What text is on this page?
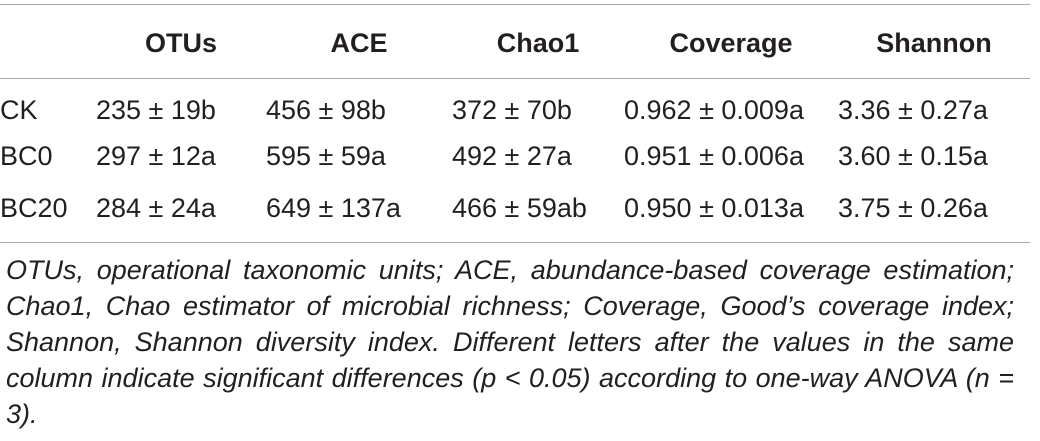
	OTUs	ACE	Chao1	Coverage	Shannon
CK	235 ± 19b	456 ± 98b	372 ± 70b	0.962 ± 0.009a	3.36 ± 0.27a
BC0	297 ± 12a	595 ± 59a	492 ± 27a	0.951 ± 0.006a	3.60 ± 0.15a
BC20	284 ± 24a	649 ± 137a	466 ± 59ab	0.950 ± 0.013a	3.75 ± 0.26a
OTUs, operational taxonomic units; ACE, abundance-based coverage estimation; Chao1, Chao estimator of microbial richness; Coverage, Good’s coverage index; Shannon, Shannon diversity index. Different letters after the values in the same column indicate significant differences (p < 0.05) according to one-way ANOVA (n = 3).
